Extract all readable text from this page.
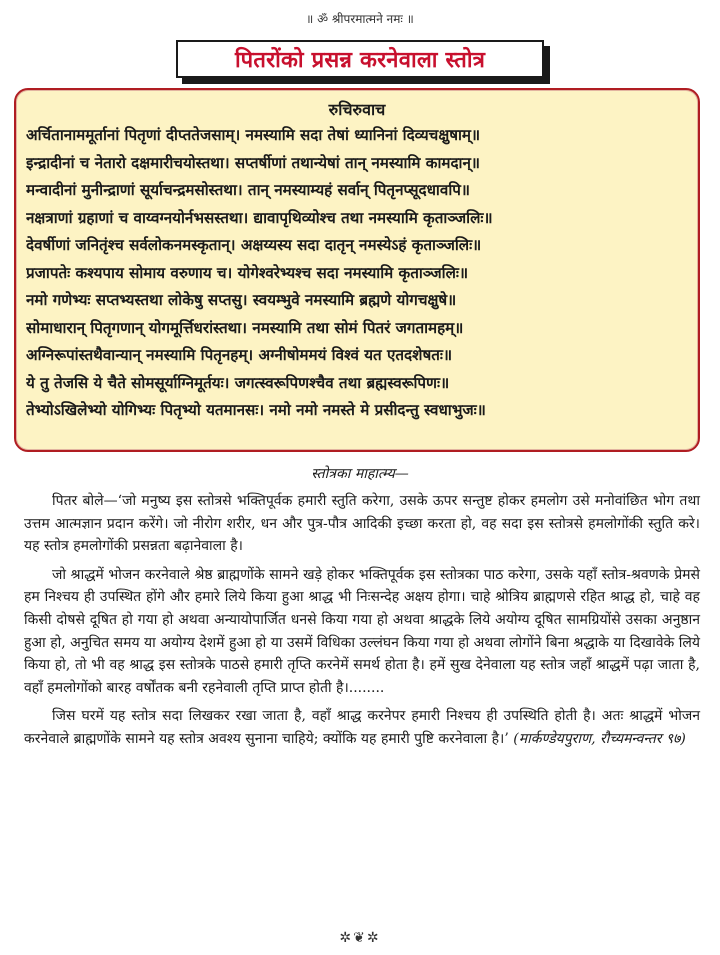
॥ ॐ श्रीपरमात्मने नमः ॥
पितरोंको प्रसन्न करनेवाला स्तोत्र
रुचिरुवाच
अर्चितानाममूर्तानां पितृणां दीप्ततेजसाम्। नमस्यामि सदा तेषां ध्यानिनां दिव्यचक्षुषाम्॥
इन्द्रादीनां च नेतारो दक्षमारीचयोस्तथा। सप्तर्षीणां तथान्येषां तान् नमस्यामि कामदान्॥
मन्वादीनां मुनीन्द्राणां सूर्याचन्द्रमसोस्तथा। तान् नमस्याम्यहं सर्वान् पितृनप्सूदधावपि॥
नक्षत्राणां ग्रहाणां च वाय्वग्नयोर्नभसस्तथा। द्यावापृथिव्योश्च तथा नमस्यामि कृताञ्जलिः॥
देवर्षीणां जनितृंश्च सर्वलोकनमस्कृतान्। अक्षय्यस्य सदा दातृन् नमस्येऽहं कृताञ्जलिः॥
प्रजापतेः कश्यपाय सोमाय वरुणाय च। योगेश्वरेभ्यश्च सदा नमस्यामि कृताञ्जलिः॥
नमो गणेभ्यः सप्तभ्यस्तथा लोकेषु सप्तसु। स्वयम्भुवे नमस्यामि ब्रह्मणे योगचक्षुषे॥
सोमाधारान् पितृगणान् योगमूर्त्तिधरांस्तथा। नमस्यामि तथा सोमं पितरं जगतामहम्॥
अग्निरूपांस्तथैवान्यान् नमस्यामि पितृनहम्। अग्नीषोममयं विश्वं यत एतदशेषतः॥
ये तु तेजसि ये चैते सोमसूर्याग्निमूर्तयः। जगत्स्वरूपिणश्चैव तथा ब्रह्मस्वरूपिणः॥
तेभ्योऽखिलेभ्यो योगिभ्यः पितृभ्यो यतमानसः। नमो नमो नमस्ते मे प्रसीदन्तु स्वधाभुजः॥
स्तोत्रका माहात्म्य—

पितर बोले—‘जो मनुष्य इस स्तोत्रसे भक्तिपूर्वक हमारी स्तुति करेगा, उसके ऊपर सन्तुष्ट होकर हमलोग उसे मनोवांछित भोग तथा उत्तम आत्मज्ञान प्रदान करेंगे। जो नीरोग शरीर, धन और पुत्र-पौत्र आदिकी इच्छा करता हो, वह सदा इस स्तोत्रसे हमलोगोंकी स्तुति करे। यह स्तोत्र हमलोगोंकी प्रसन्नता बढ़ानेवाला है।

जो श्राद्धमें भोजन करनेवाले श्रेष्ठ ब्राह्मणोंके सामने खड़े होकर भक्तिपूर्वक इस स्तोत्रका पाठ करेगा, उसके यहाँ स्तोत्र-श्रवणके प्रेमसे हम निश्चय ही उपस्थित होंगे और हमारे लिये किया हुआ श्राद्ध भी निःसन्देह अक्षय होगा। चाहे श्रोत्रिय ब्राह्मणसे रहित श्राद्ध हो, चाहे वह किसी दोषसे दूषित हो गया हो अथवा अन्यायोपार्जित धनसे किया गया हो अथवा श्राद्धके लिये अयोग्य दूषित सामग्रियोंसे उसका अनुष्ठान हुआ हो, अनुचित समय या अयोग्य देशमें हुआ हो या उसमें विधिका उल्लंघन किया गया हो अथवा लोगोंने बिना श्रद्धाके या दिखावेके लिये किया हो, तो भी वह श्राद्ध इस स्तोत्रके पाठसे हमारी तृप्ति करनेमें समर्थ होता है। हमें सुख देनेवाला यह स्तोत्र जहाँ श्राद्धमें पढ़ा जाता है, वहाँ हमलोगोंको बारह वर्षोंतक बनी रहनेवाली तृप्ति प्राप्त होती है।........

जिस घरमें यह स्तोत्र सदा लिखकर रखा जाता है, वहाँ श्राद्ध करनेपर हमारी निश्चय ही उपस्थिति होती है। अतः श्राद्धमें भोजन करनेवाले ब्राह्मणोंके सामने यह स्तोत्र अवश्य सुनाना चाहिये; क्योंकि यह हमारी पुष्टि करनेवाला है।’ (मार्कण्डेयपुराण, रौच्यमन्वन्तर ९७)

✲❦✲
